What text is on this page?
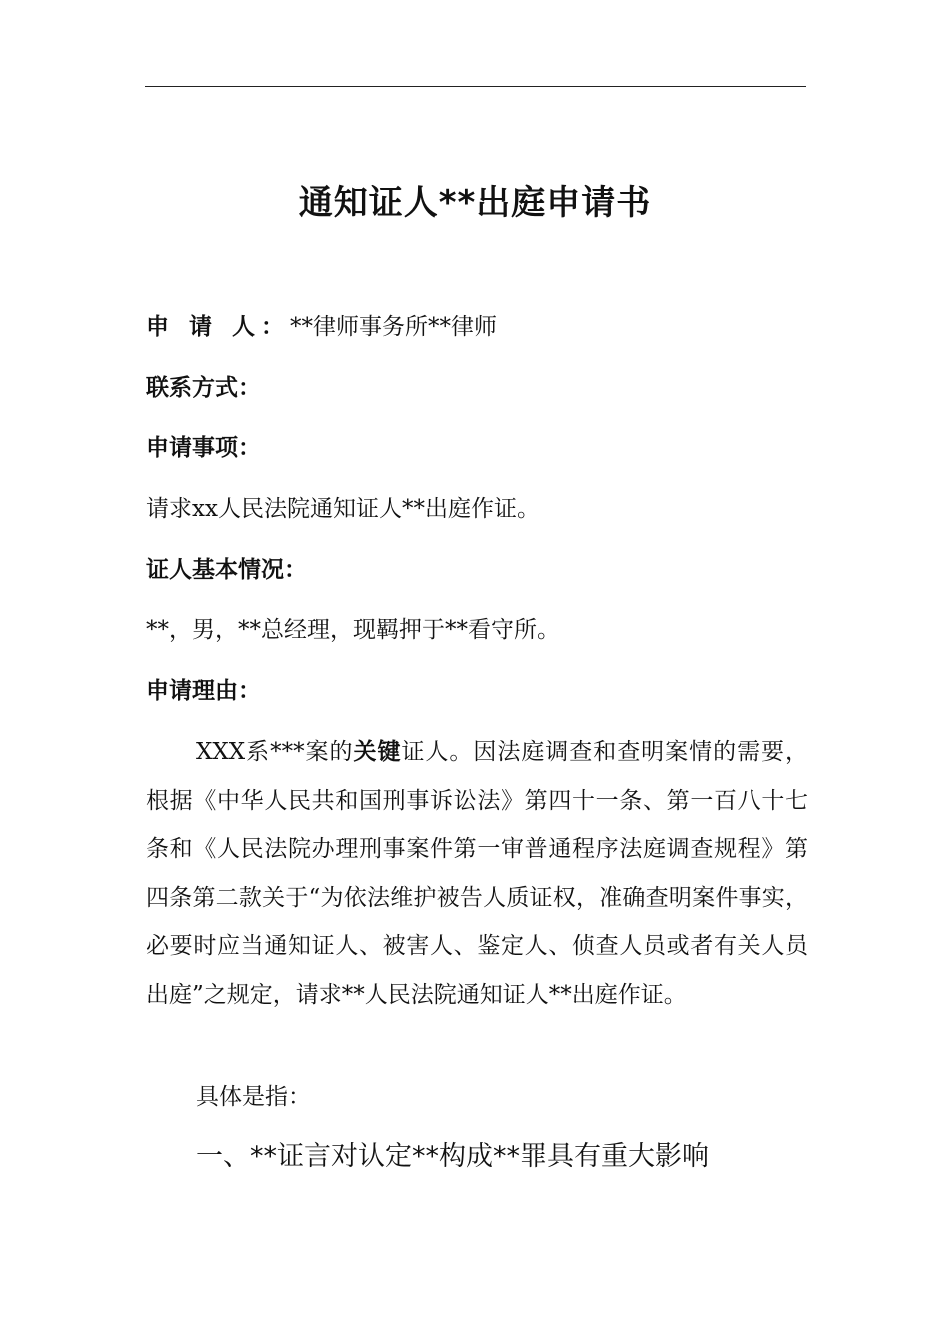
通知证人**出庭申请书
申 请 人：**律师事务所**律师
联系方式：
申请事项：
请求xx人民法院通知证人**出庭作证。
证人基本情况：
**，男，**总经理，现羁押于**看守所。
申请理由：
XXX系***案的关键证人。因法庭调查和查明案情的需要，根据《中华人民共和国刑事诉讼法》第四十一条、第一百八十七条和《人民法院办理刑事案件第一审普通程序法庭调查规程》第四条第二款关于“为依法维护被告人质证权，准确查明案件事实，必要时应当通知证人、被害人、鉴定人、侦查人员或者有关人员出庭”之规定，请求**人民法院通知证人**出庭作证。
具体是指：
一、**证言对认定**构成**罪具有重大影响
